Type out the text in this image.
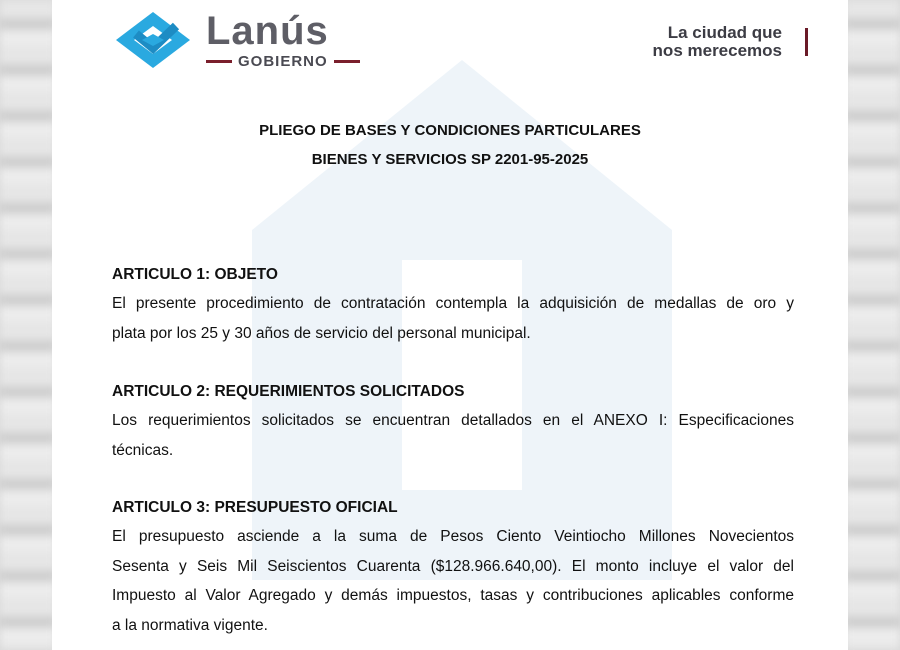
Lanús
GOBIERNO
La ciudad que
nos merecemos
PLIEGO DE BASES Y CONDICIONES PARTICULARES
BIENES Y SERVICIOS SP 2201-95-2025
ARTICULO 1: OBJETO
El presente procedimiento de contratación contempla la adquisición de medallas de oro y
plata por los 25 y 30 años de servicio del personal municipal.
ARTICULO 2: REQUERIMIENTOS SOLICITADOS
Los requerimientos solicitados se encuentran detallados en el ANEXO I: Especificaciones
técnicas.
ARTICULO 3: PRESUPUESTO OFICIAL
El presupuesto asciende a la suma de Pesos Ciento Veintiocho Millones Novecientos
Sesenta y Seis Mil Seiscientos Cuarenta ($128.966.640,00). El monto incluye el valor del
Impuesto al Valor Agregado y demás impuestos, tasas y contribuciones aplicables conforme
a la normativa vigente.
